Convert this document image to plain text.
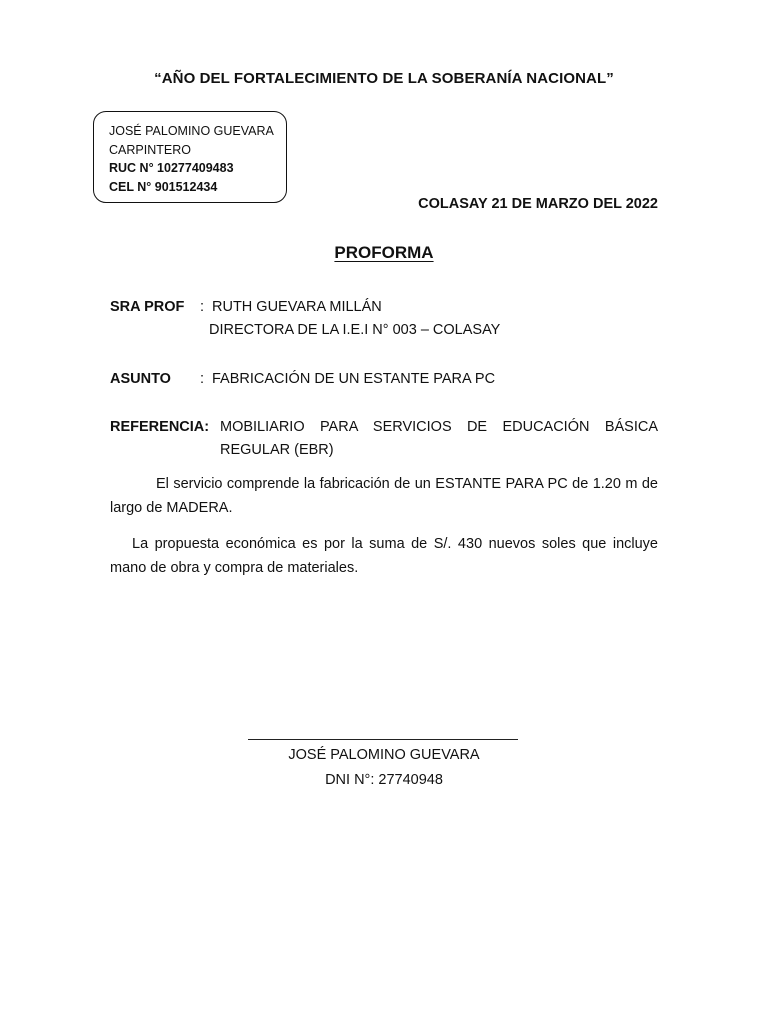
“AÑO DEL FORTALECIMIENTO DE LA SOBERANÍA NACIONAL”
JOSÉ PALOMINO GUEVARA
CARPINTERO
RUC N° 10277409483
CEL N° 901512434
COLASAY 21 DE MARZO DEL 2022
PROFORMA
SRA PROF : RUTH GUEVARA MILLÁN
DIRECTORA DE LA I.E.I N° 003 – COLASAY
ASUNTO : FABRICACIÓN DE UN ESTANTE PARA PC
REFERENCIA: MOBILIARIO PARA SERVICIOS DE EDUCACIÓN BÁSICA REGULAR (EBR)
El servicio comprende la fabricación de un ESTANTE PARA PC de 1.20 m de largo de MADERA.
La propuesta económica es por la suma de S/. 430 nuevos soles que incluye mano de obra y compra de materiales.
JOSÉ PALOMINO GUEVARA
DNI N°: 27740948
